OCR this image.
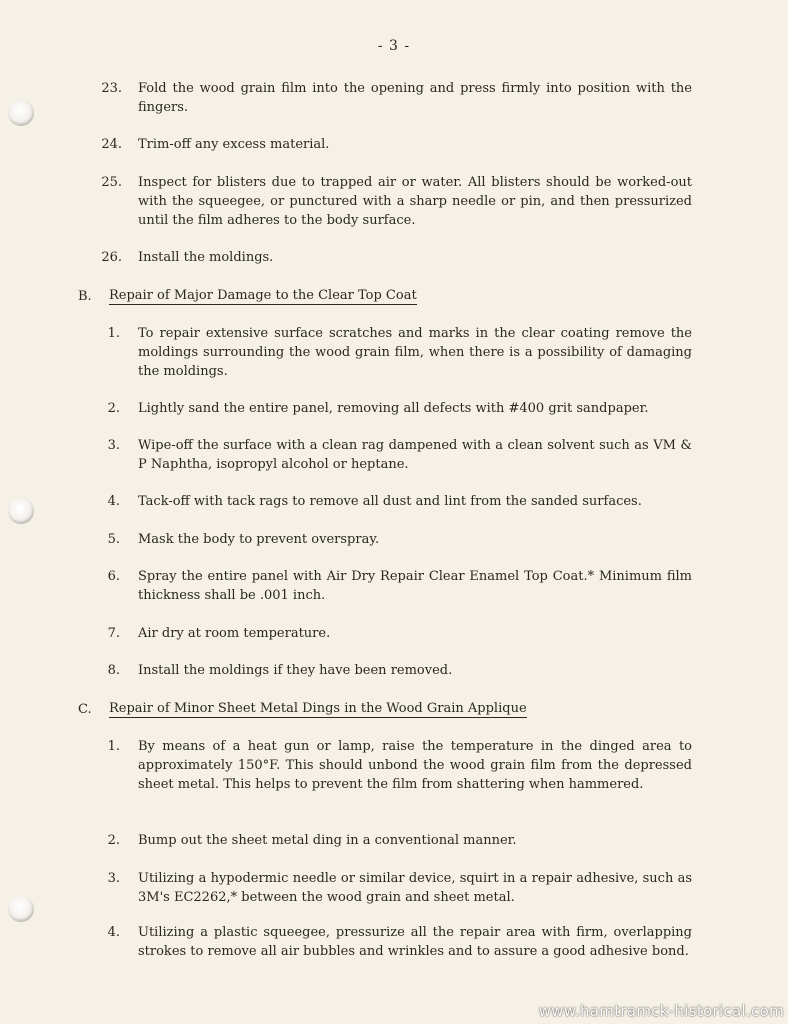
- 3 -
23. Fold the wood grain film into the opening and press firmly into position with the fingers.
24. Trim-off any excess material.
25. Inspect for blisters due to trapped air or water. All blisters should be worked-out with the squeegee, or punctured with a sharp needle or pin, and then pressurized until the film adheres to the body surface.
26. Install the moldings.
B. Repair of Major Damage to the Clear Top Coat
1. To repair extensive surface scratches and marks in the clear coating remove the moldings surrounding the wood grain film, when there is a possibility of damaging the moldings.
2. Lightly sand the entire panel, removing all defects with #400 grit sandpaper.
3. Wipe-off the surface with a clean rag dampened with a clean solvent such as VM & P Naphtha, isopropyl alcohol or heptane.
4. Tack-off with tack rags to remove all dust and lint from the sanded surfaces.
5. Mask the body to prevent overspray.
6. Spray the entire panel with Air Dry Repair Clear Enamel Top Coat.* Minimum film thickness shall be .001 inch.
7. Air dry at room temperature.
8. Install the moldings if they have been removed.
C. Repair of Minor Sheet Metal Dings in the Wood Grain Applique
1. By means of a heat gun or lamp, raise the temperature in the dinged area to approximately 150°F. This should unbond the wood grain film from the depressed sheet metal. This helps to prevent the film from shattering when hammered.
2. Bump out the sheet metal ding in a conventional manner.
3. Utilizing a hypodermic needle or similar device, squirt in a repair adhesive, such as 3M's EC2262,* between the wood grain and sheet metal.
4. Utilizing a plastic squeegee, pressurize all the repair area with firm, overlapping strokes to remove all air bubbles and wrinkles and to assure a good adhesive bond.
www.hamtramck-historical.com
